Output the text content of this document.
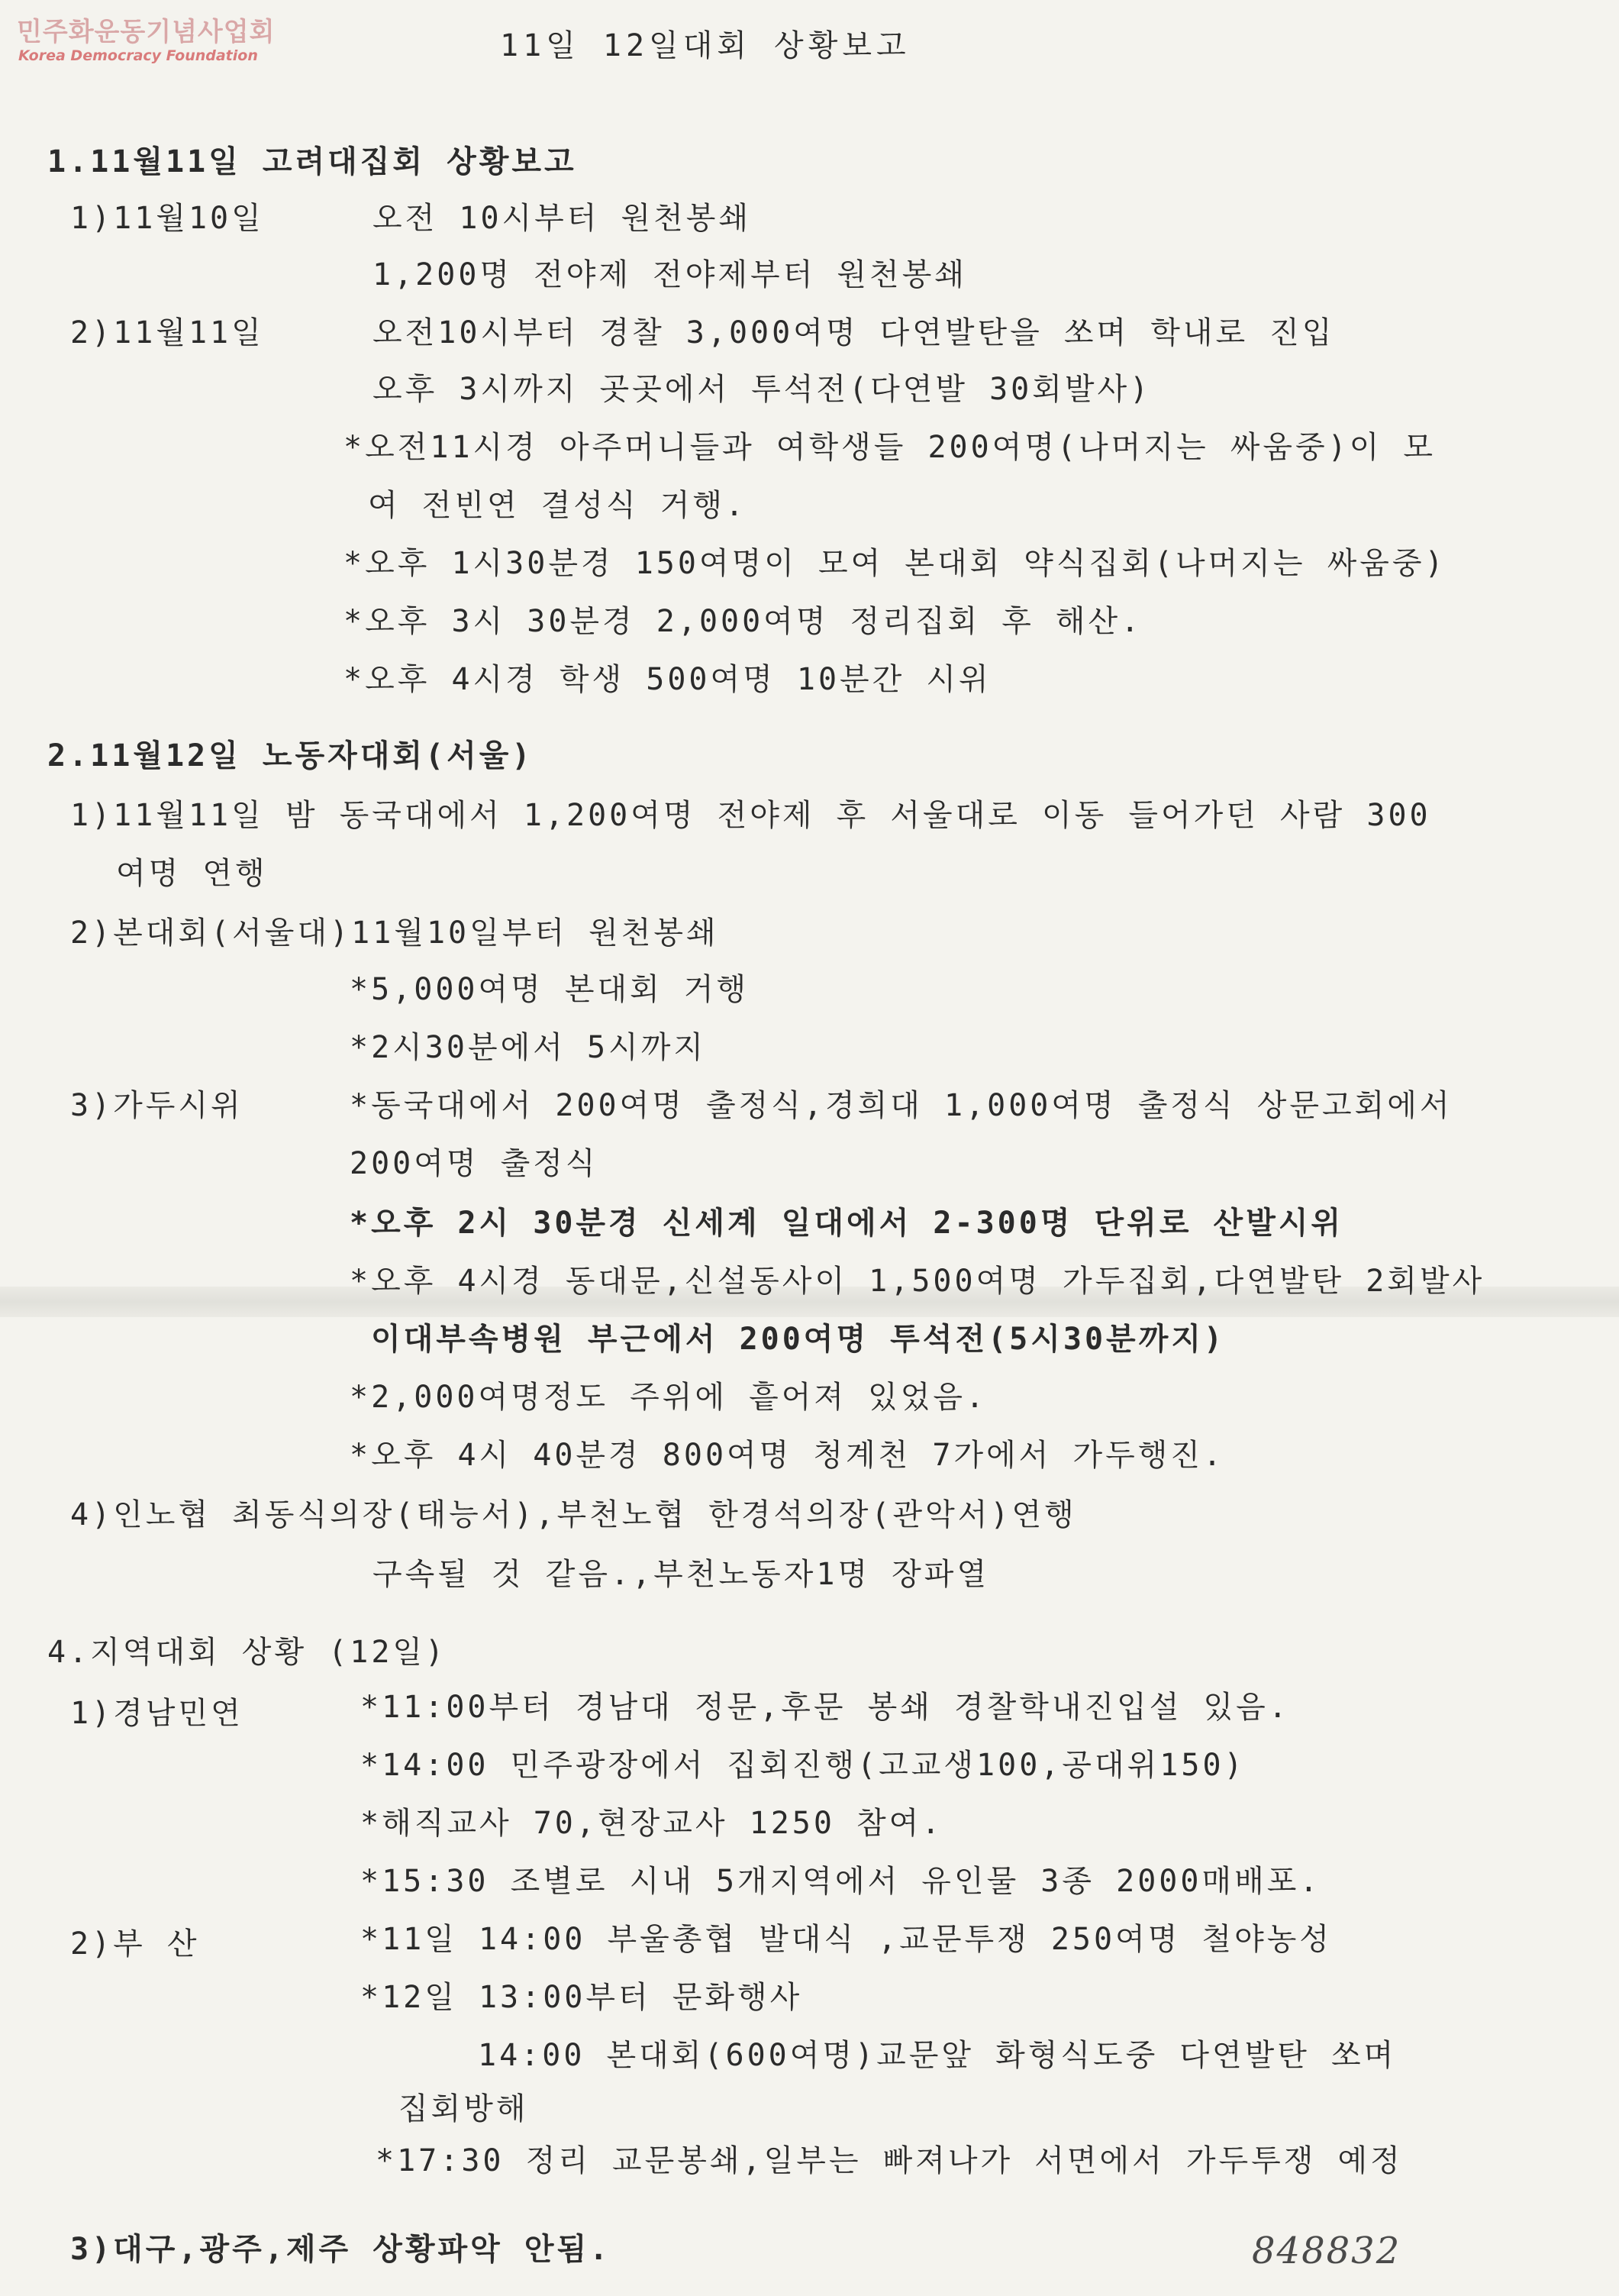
민주화운동기념사업회
Korea Democracy Foundation	11일 12일대회 상황보고
1.11월11일 고려대집회 상황보고
1)11월10일	오전 10시부터 원천봉쇄
1,200명 전야제 전야제부터 원천봉쇄
2)11월11일	오전10시부터 경찰 3,000여명 다연발탄을 쏘며 학내로 진입
오후 3시까지 곳곳에서 투석전(다연발 30회발사)
*오전11시경 아주머니들과 여학생들 200여명(나머지는 싸움중)이 모
여 전빈연 결성식 거행.
*오후 1시30분경 150여명이 모여 본대회 약식집회(나머지는 싸움중)
*오후 3시 30분경 2,000여명 정리집회 후 해산.
*오후 4시경 학생 500여명 10분간 시위
2.11월12일 노동자대회(서울)
1)11월11일 밤 동국대에서 1,200여명 전야제 후 서울대로 이동 들어가던 사람 300
여명 연행
2)본대회(서울대)11월10일부터 원천봉쇄
*5,000여명 본대회 거행
*2시30분에서 5시까지
3)가두시위	*동국대에서 200여명 출정식,경희대 1,000여명 출정식 상문고회에서
200여명 출정식
*오후 2시 30분경 신세계 일대에서 2-300명 단위로 산발시위
*오후 4시경 동대문,신설동사이 1,500여명 가두집회,다연발탄 2회발사
이대부속병원 부근에서 200여명 투석전(5시30분까지)
*2,000여명정도 주위에 흩어져 있었음.
*오후 4시 40분경 800여명 청계천 7가에서 가두행진.
4)인노협 최동식의장(태능서),부천노협 한경석의장(관악서)연행
구속될 것 같음.,부천노동자1명 장파열
4.지역대회 상황 (12일)
1)경남민연	*11:00부터 경남대 정문,후문 봉쇄 경찰학내진입설 있음.
*14:00 민주광장에서 집회진행(고교생100,공대위150)
*해직교사 70,현장교사 1250 참여.
*15:30 조별로 시내 5개지역에서 유인물 3종 2000매배포.
2)부 산	*11일 14:00 부울총협 발대식 ,교문투쟁 250여명 철야농성
*12일 13:00부터 문화행사
14:00 본대회(600여명)교문앞 화형식도중 다연발탄 쏘며
집회방해
*17:30 정리 교문봉쇄,일부는 빠져나가 서면에서 가두투쟁 예정
3)대구,광주,제주 상황파악 안됨.	848832
